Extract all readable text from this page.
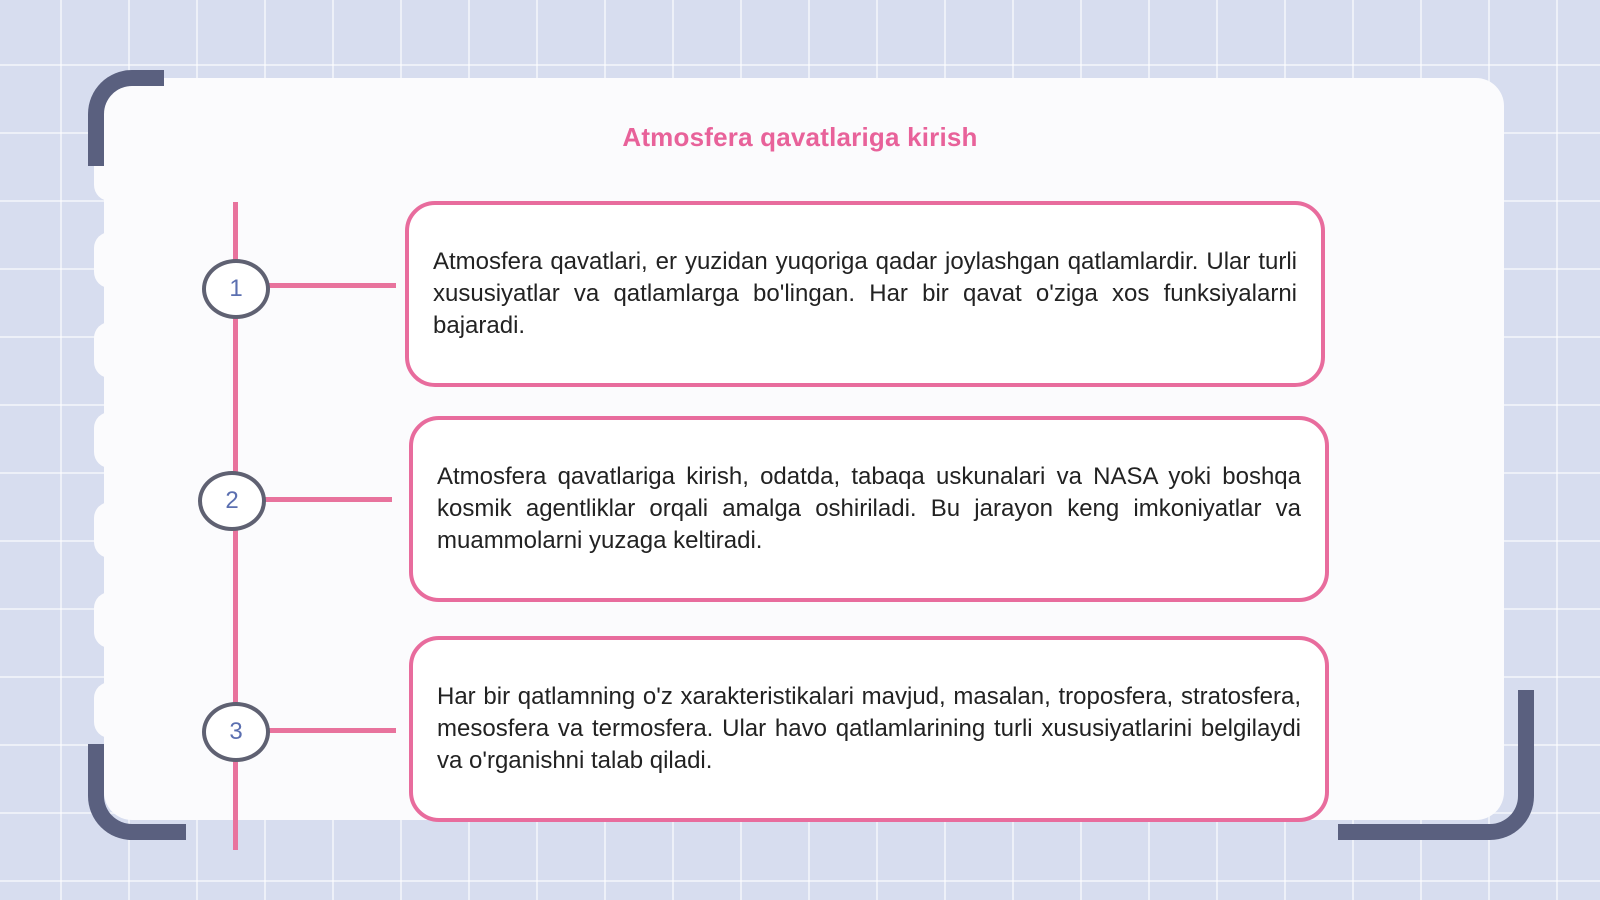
Atmosfera qavatlariga kirish
1
2
3

Atmosfera qavatlari, er yuzidan yuqoriga qadar joylashgan qatlamlardir. Ular turli xususiyatlar va qatlamlarga bo'lingan. Har bir qavat o'ziga xos funksiyalarni bajaradi.

Atmosfera qavatlariga kirish, odatda, tabaqa uskunalari va NASA yoki boshqa kosmik agentliklar orqali amalga oshiriladi. Bu jarayon keng imkoniyatlar va muammolarni yuzaga keltiradi.

Har bir qatlamning o'z xarakteristikalari mavjud, masalan, troposfera, stratosfera, mesosfera va termosfera. Ular havo qatlamlarining turli xususiyatlarini belgilaydi va o'rganishni talab qiladi.
